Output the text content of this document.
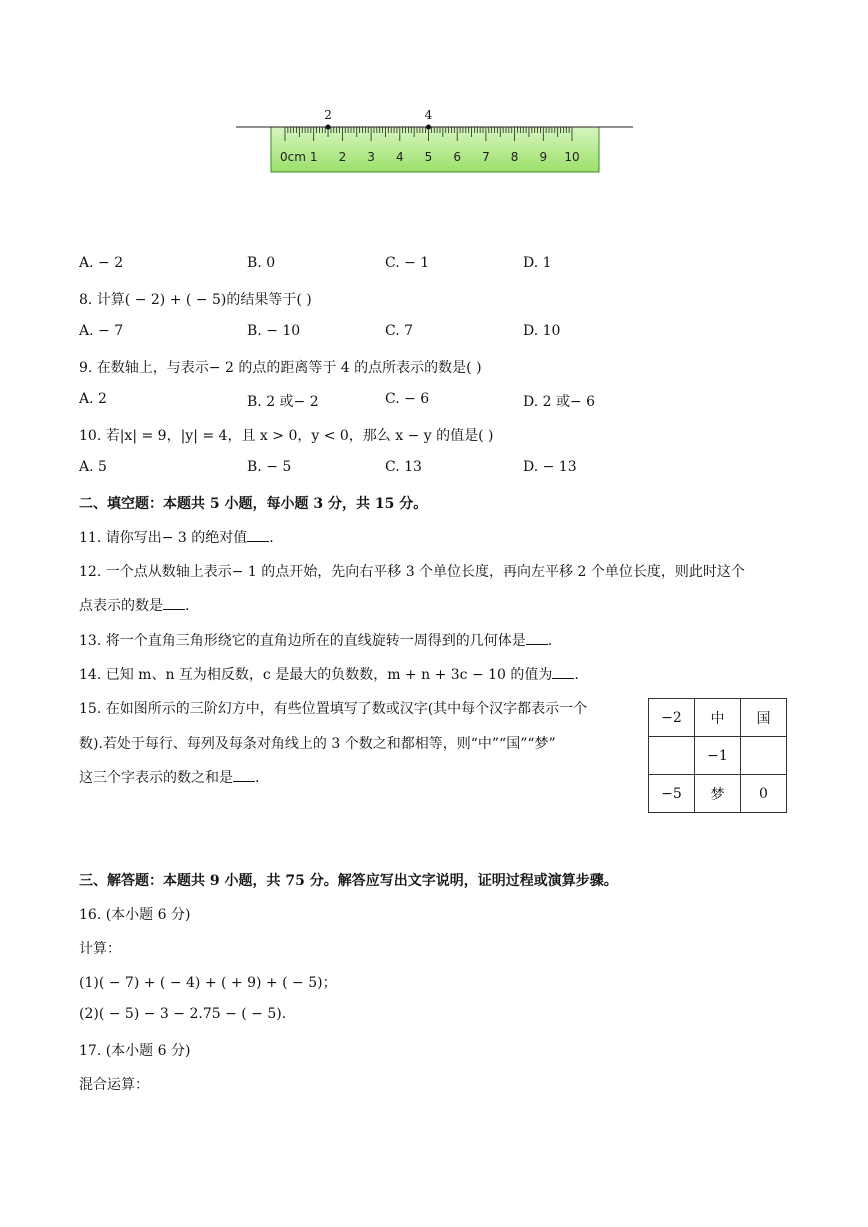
0cm 1 2 3 4 5 6 7 8 9 10
2	4
A. − 2	B. 0	C. − 1	D. 1
8. 计算( − 2) + ( − 5)的结果等于( )
A. − 7	B. − 10	C. 7	D. 10
9. 在数轴上，与表示− 2 的点的距离等于 4 的点所表示的数是( )
A. 2	B. 2 或− 2	C. − 6	D. 2 或− 6
10. 若|x| = 9，|y| = 4，且 x > 0，y < 0，那么 x − y 的值是( )
A. 5	B. − 5	C. 13	D. − 13
二、填空题：本题共 5 小题，每小题 3 分，共 15 分。
11. 请你写出− 3 的绝对值 .
12. 一个点从数轴上表示− 1 的点开始，先向右平移 3 个单位长度，再向左平移 2 个单位长度，则此时这个
点表示的数是 .
13. 将一个直角三角形绕它的直角边所在的直线旋转一周得到的几何体是 .
14. 已知 m、n 互为相反数，c 是最大的负数数，m + n + 3c − 10 的值为 .
15. 在如图所示的三阶幻方中，有些位置填写了数或汉字(其中每个汉字都表示一个
数).若处于每行、每列及每条对角线上的 3 个数之和都相等，则“中”“国”“梦”
这三个字表示的数之和是 .
−2	中	国
	−1	
−5	梦	0
三、解答题：本题共 9 小题，共 75 分。解答应写出文字说明，证明过程或演算步骤。
16. (本小题 6 分)
计算：
(1)( − 7) + ( − 4) + ( + 9) + ( − 5)；
(2)( − 5) − 3 − 2.75 − ( − 5).
17. (本小题 6 分)
混合运算：
